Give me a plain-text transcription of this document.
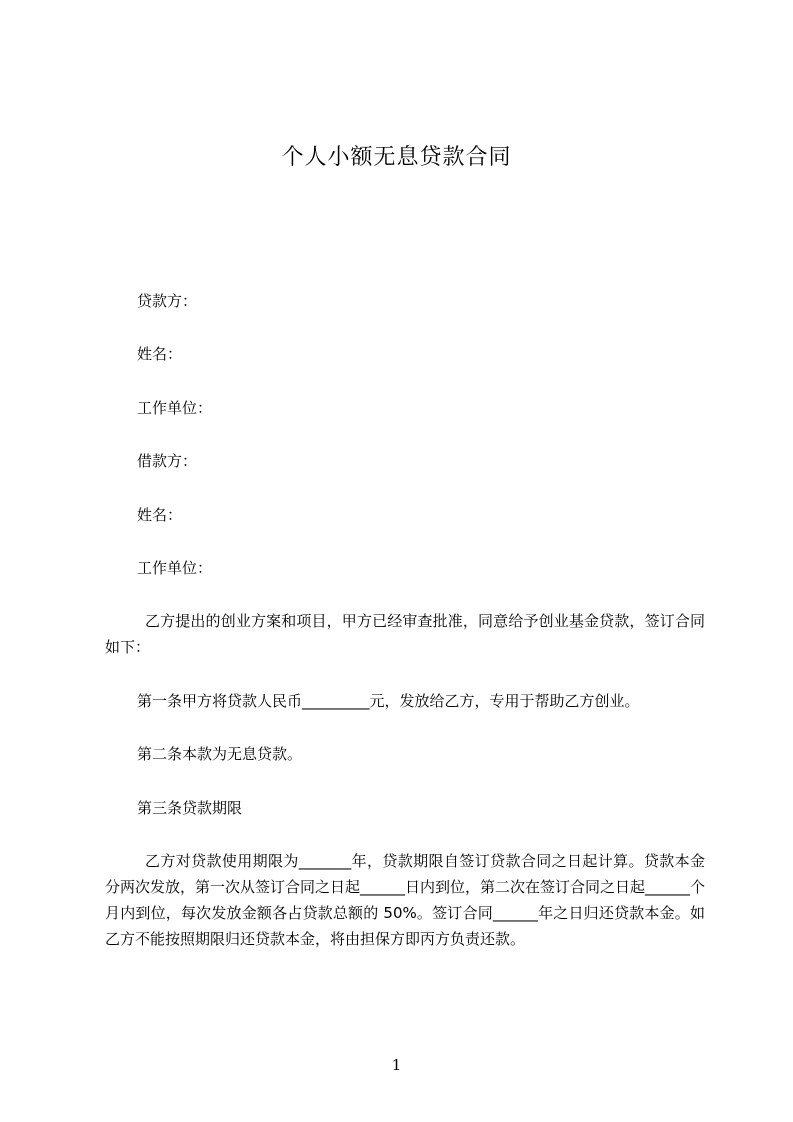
个人小额无息贷款合同
贷款方：
姓名：
工作单位：
借款方：
姓名：
工作单位：
乙方提出的创业方案和项目，甲方已经审查批准，同意给予创业基金贷款，签订合同如下：
第一条甲方将贷款人民币_________元，发放给乙方，专用于帮助乙方创业。
第二条本款为无息贷款。
第三条贷款期限
乙方对贷款使用期限为_______年，贷款期限自签订贷款合同之日起计算。贷款本金分两次发放，第一次从签订合同之日起______日内到位，第二次在签订合同之日起______个月内到位，每次发放金额各占贷款总额的 50%。签订合同______年之日归还贷款本金。如乙方不能按照期限归还贷款本金，将由担保方即丙方负责还款。
1
